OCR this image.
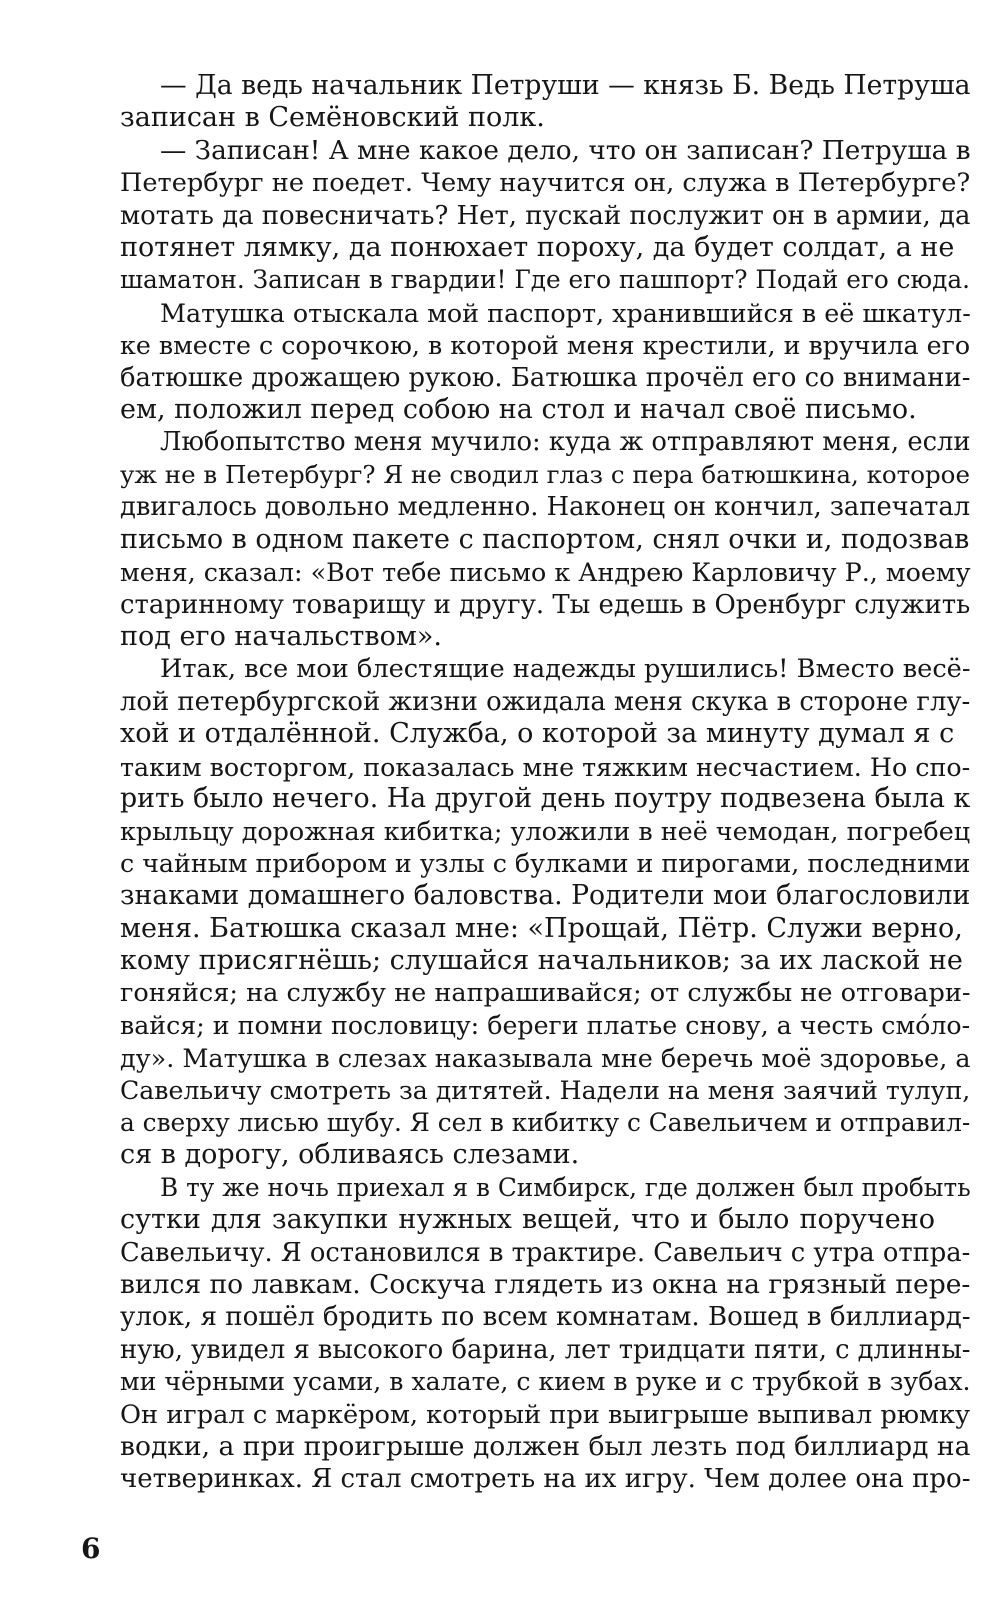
— Да ведь начальник Петруши — князь Б. Ведь Петруша
записан в Семёновский полк.

— Записан! А мне какое дело, что он записан? Петруша в
Петербург не поедет. Чему научится он, служа в Петербурге?
мотать да повесничать? Нет, пускай послужит он в армии, да
потянет лямку, да понюхает пороху, да будет солдат, а не
шаматон. Записан в гвардии! Где его пашпорт? Подай его сюда.

Матушка отыскала мой паспорт, хранившийся в её шкатул-
ке вместе с сорочкою, в которой меня крестили, и вручила его
батюшке дрожащею рукою. Батюшка прочёл его со внимани-
ем, положил перед собою на стол и начал своё письмо.

Любопытство меня мучило: куда ж отправляют меня, если
уж не в Петербург? Я не сводил глаз с пера батюшкина, которое
двигалось довольно медленно. Наконец он кончил, запечатал
письмо в одном пакете с паспортом, снял очки и, подозвав
меня, сказал: «Вот тебе письмо к Андрею Карловичу Р., моему
старинному товарищу и другу. Ты едешь в Оренбург служить
под его начальством».

Итак, все мои блестящие надежды рушились! Вместо весё-
лой петербургской жизни ожидала меня скука в стороне глу-
хой и отдалённой. Служба, о которой за минуту думал я с
таким восторгом, показалась мне тяжким несчастием. Но спо-
рить было нечего. На другой день поутру подвезена была к
крыльцу дорожная кибитка; уложили в неё чемодан, погребец
с чайным прибором и узлы с булками и пирогами, последними
знаками домашнего баловства. Родители мои благословили
меня. Батюшка сказал мне: «Прощай, Пётр. Служи верно,
кому присягнёшь; слушайся начальников; за их лаской не
гоняйся; на службу не напрашивайся; от службы не отговари-
вайся; и помни пословицу: береги платье снову, а честь смо́ло-
ду». Матушка в слезах наказывала мне беречь моё здоровье, а
Савельичу смотреть за дитятей. Надели на меня заячий тулуп,
а сверху лисью шубу. Я сел в кибитку с Савельичем и отправил-
ся в дорогу, обливаясь слезами.

В ту же ночь приехал я в Симбирск, где должен был пробыть
сутки для закупки нужных вещей, что и было поручено
Савельичу. Я остановился в трактире. Савельич с утра отпра-
вился по лавкам. Соскуча глядеть из окна на грязный пере-
улок, я пошёл бродить по всем комнатам. Вошед в биллиард-
ную, увидел я высокого барина, лет тридцати пяти, с длинны-
ми чёрными усами, в халате, с кием в руке и с трубкой в зубах.
Он играл с маркёром, который при выигрыше выпивал рюмку
водки, а при проигрыше должен был лезть под биллиард на
четверинках. Я стал смотреть на их игру. Чем долее она про-

6
